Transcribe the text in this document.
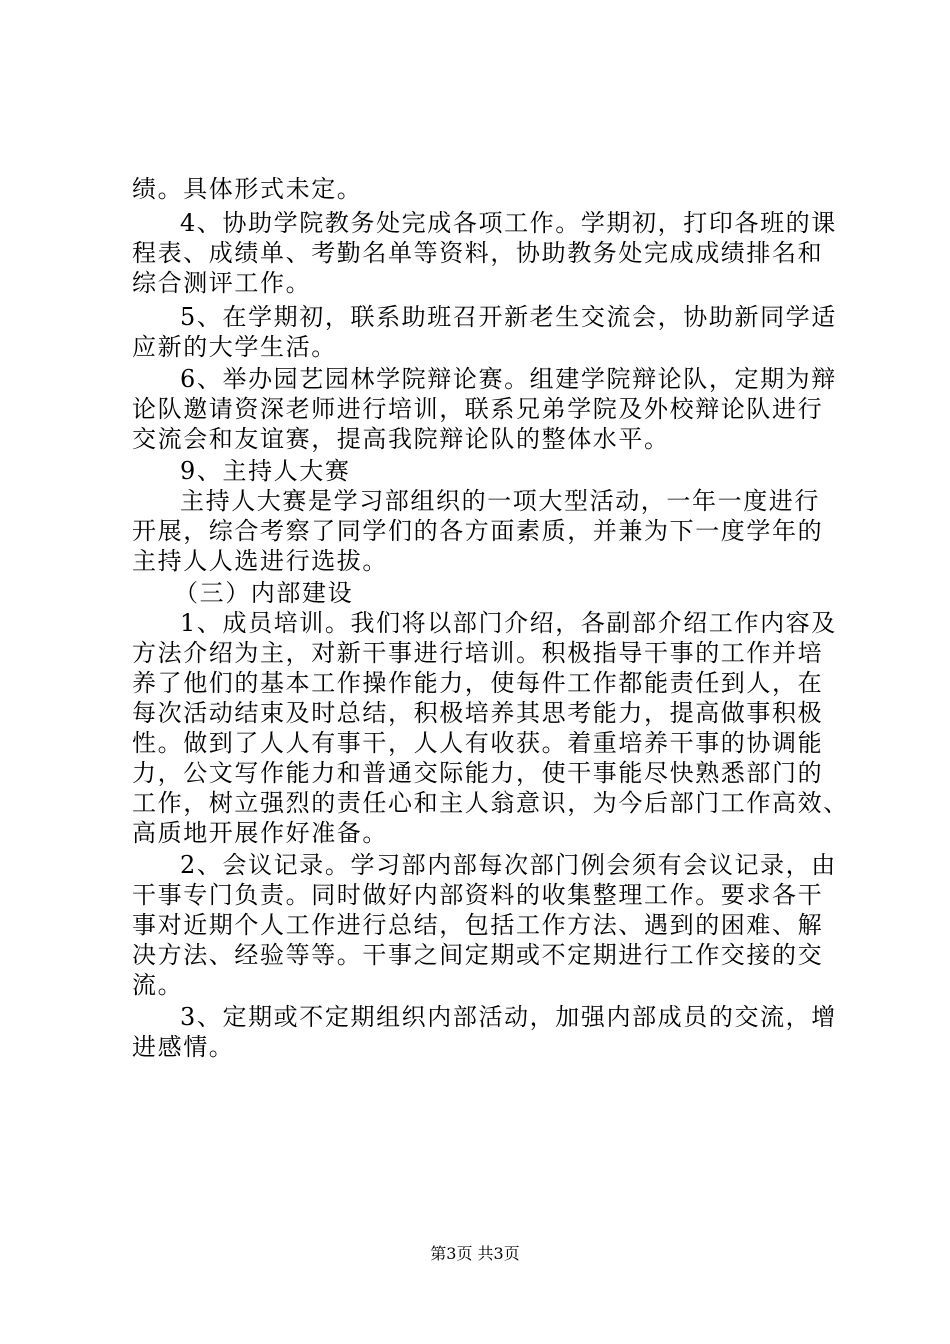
绩。具体形式未定。
4、协助学院教务处完成各项工作。学期初，打印各班的课
程表、成绩单、考勤名单等资料，协助教务处完成成绩排名和
综合测评工作。
5、在学期初，联系助班召开新老生交流会，协助新同学适
应新的大学生活。
6、举办园艺园林学院辩论赛。组建学院辩论队，定期为辩
论队邀请资深老师进行培训，联系兄弟学院及外校辩论队进行
交流会和友谊赛，提高我院辩论队的整体水平。
9、主持人大赛
主持人大赛是学习部组织的一项大型活动，一年一度进行
开展，综合考察了同学们的各方面素质，并兼为下一度学年的
主持人人选进行选拔。
（三）内部建设
1、成员培训。我们将以部门介绍，各副部介绍工作内容及
方法介绍为主，对新干事进行培训。积极指导干事的工作并培
养了他们的基本工作操作能力，使每件工作都能责任到人，在
每次活动结束及时总结，积极培养其思考能力，提高做事积极
性。做到了人人有事干，人人有收获。着重培养干事的协调能
力，公文写作能力和普通交际能力，使干事能尽快熟悉部门的
工作，树立强烈的责任心和主人翁意识，为今后部门工作高效、
高质地开展作好准备。
2、会议记录。学习部内部每次部门例会须有会议记录，由
干事专门负责。同时做好内部资料的收集整理工作。要求各干
事对近期个人工作进行总结，包括工作方法、遇到的困难、解
决方法、经验等等。干事之间定期或不定期进行工作交接的交
流。
3、定期或不定期组织内部活动，加强内部成员的交流，增
进感情。
第3页 共3页
